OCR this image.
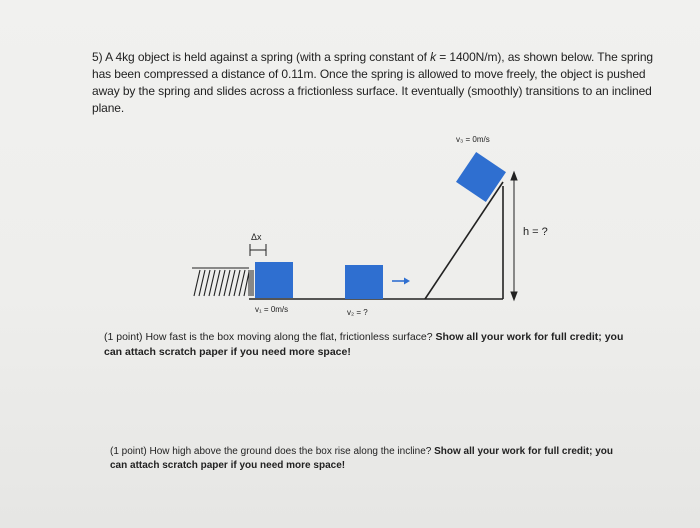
5) A 4kg object is held against a spring (with a spring constant of k = 1400N/m), as shown below. The spring has been compressed a distance of 0.11m. Once the spring is allowed to move freely, the object is pushed away by the spring and slides across a frictionless surface. It eventually (smoothly) transitions to an inclined plane.
Δx	h = ?
v₁ = 0m/s	v₂ = ?
v₃ = 0m/s
(1 point) How fast is the box moving along the flat, frictionless surface? Show all your work for full credit; you can attach scratch paper if you need more space!
(1 point) How high above the ground does the box rise along the incline? Show all your work for full credit; you can attach scratch paper if you need more space!
